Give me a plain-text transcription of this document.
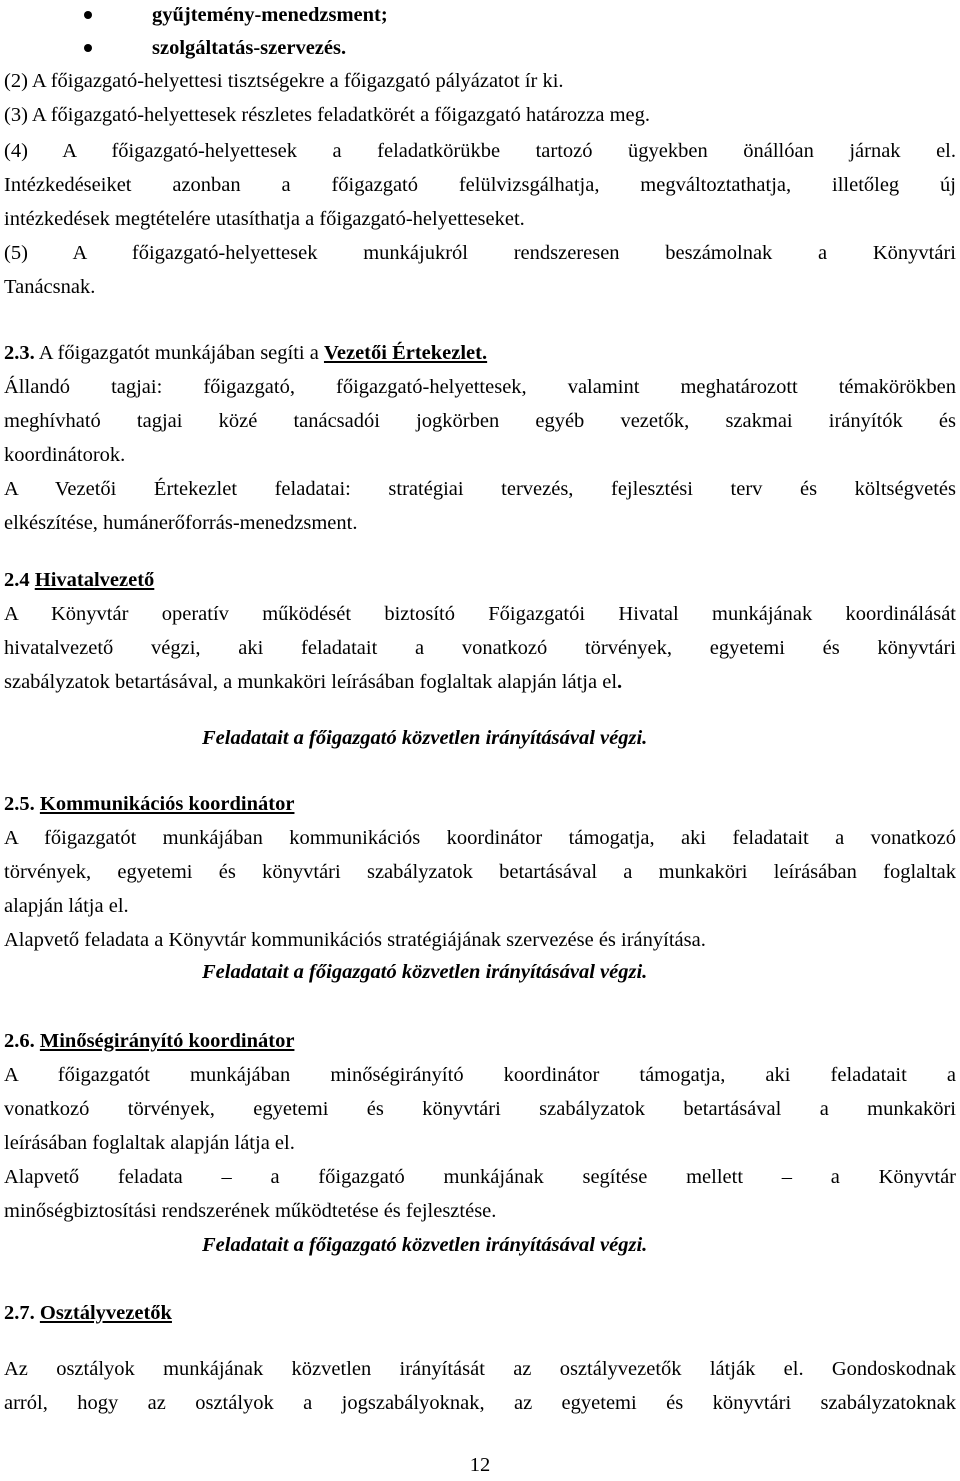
gyűjtemény-menedzsment;
szolgáltatás-szervezés.
(2) A főigazgató-helyettesi tisztségekre a főigazgató pályázatot ír ki.
(3) A főigazgató-helyettesek részletes feladatkörét a főigazgató határozza meg.
(4) A főigazgató-helyettesek a feladatkörükbe tartozó ügyekben önállóan járnak el.
Intézkedéseiket azonban a főigazgató felülvizsgálhatja, megváltoztathatja, illetőleg új
intézkedések megtételére utasíthatja a főigazgató-helyetteseket.
(5) A főigazgató-helyettesek munkájukról rendszeresen beszámolnak a Könyvtári
Tanácsnak.
2.3. A főigazgatót munkájában segíti a Vezetői Értekezlet.
Állandó tagjai: főigazgató, főigazgató-helyettesek, valamint meghatározott témakörökben
meghívható tagjai közé tanácsadói jogkörben egyéb vezetők, szakmai irányítók és
koordinátorok.
A Vezetői Értekezlet feladatai: stratégiai tervezés, fejlesztési terv és költségvetés
elkészítése, humánerőforrás-menedzsment.
2.4 Hivatalvezető
A Könyvtár operatív működését biztosító Főigazgatói Hivatal munkájának koordinálását
hivatalvezető végzi, aki feladatait a vonatkozó törvények, egyetemi és könyvtári
szabályzatok betartásával, a munkaköri leírásában foglaltak alapján látja el.
Feladatait a főigazgató közvetlen irányításával végzi.
2.5. Kommunikációs koordinátor
A főigazgatót munkájában kommunikációs koordinátor támogatja, aki feladatait a vonatkozó
törvények, egyetemi és könyvtári szabályzatok betartásával a munkaköri leírásában foglaltak
alapján látja el.
Alapvető feladata a Könyvtár kommunikációs stratégiájának szervezése és irányítása.
Feladatait a főigazgató közvetlen irányításával végzi.
2.6. Minőségirányító koordinátor
A főigazgatót munkájában minőségirányító koordinátor támogatja, aki feladatait a
vonatkozó törvények, egyetemi és könyvtári szabályzatok betartásával a munkaköri
leírásában foglaltak alapján látja el.
Alapvető feladata – a főigazgató munkájának segítése mellett – a Könyvtár
minőségbiztosítási rendszerének működtetése és fejlesztése.
Feladatait a főigazgató közvetlen irányításával végzi.
2.7. Osztályvezetők
Az osztályok munkájának közvetlen irányítását az osztályvezetők látják el. Gondoskodnak
arról, hogy az osztályok a jogszabályoknak, az egyetemi és könyvtári szabályzatoknak
12
